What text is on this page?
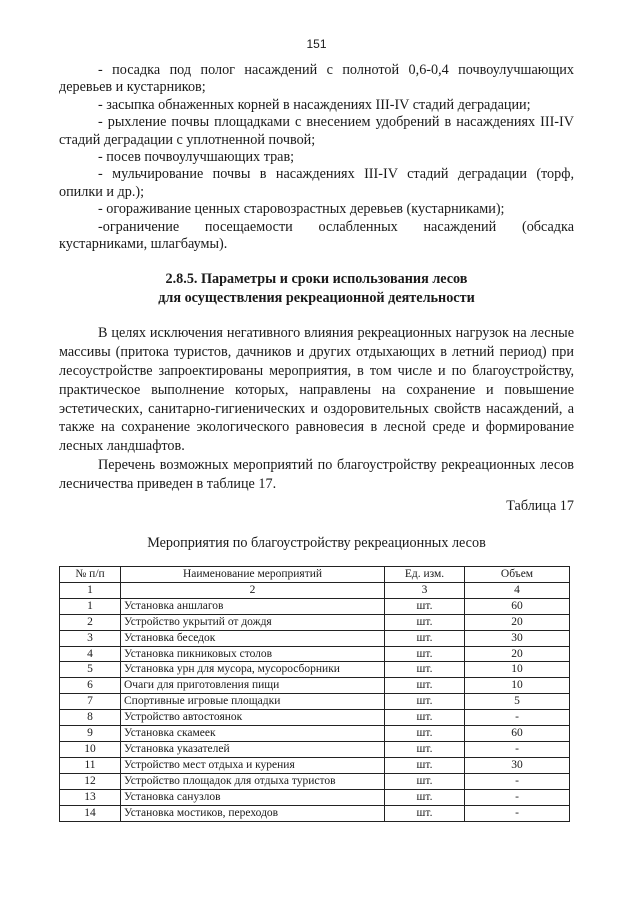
151

- посадка под полог насаждений с полнотой 0,6-0,4 почвоулучшающих деревьев и кустарников;

- засыпка обнаженных корней в насаждениях III-IV стадий деградации;

- рыхление почвы площадками с внесением удобрений в насаждениях III-IV стадий деградации с уплотненной почвой;

- посев почвоулучшающих трав;

- мульчирование почвы в насаждениях III-IV стадий деградации (торф, опилки и др.);

- огораживание ценных старовозрастных деревьев (кустарниками);

-ограничение посещаемости ослабленных насаждений (обсадка кустарниками, шлагбаумы).

2.8.5. Параметры и сроки использования лесов
для осуществления рекреационной деятельности

В целях исключения негативного влияния рекреационных нагрузок на лесные массивы (притока туристов, дачников и других отдыхающих в летний период) при лесоустройстве запроектированы мероприятия, в том числе и по благоустройству, практическое выполнение которых, направлены на сохранение и повышение эстетических, санитарно-гигиенических и оздоровительных свойств насаждений, а также на сохранение экологического равновесия в лесной среде и формирование лесных ландшафтов.

Перечень возможных мероприятий по благоустройству рекреационных лесов лесничества приведен в таблице 17.

Таблица 17
Мероприятия по благоустройству рекреационных лесов
№ п/п	Наименование мероприятий	Ед. изм.	Объем
1	2	3	4
1	Установка аншлагов	шт.	60
2	Устройство укрытий от дождя	шт.	20
3	Установка беседок	шт.	30
4	Установка пикниковых столов	шт.	20
5	Установка урн для мусора, мусоросборники	шт.	10
6	Очаги для приготовления пищи	шт.	10
7	Спортивные игровые площадки	шт.	5
8	Устройство автостоянок	шт.	-
9	Установка скамеек	шт.	60
10	Установка указателей	шт.	-
11	Устройство мест отдыха и курения	шт.	30
12	Устройство площадок для отдыха туристов	шт.	-
13	Установка санузлов	шт.	-
14	Установка мостиков, переходов	шт.	-
